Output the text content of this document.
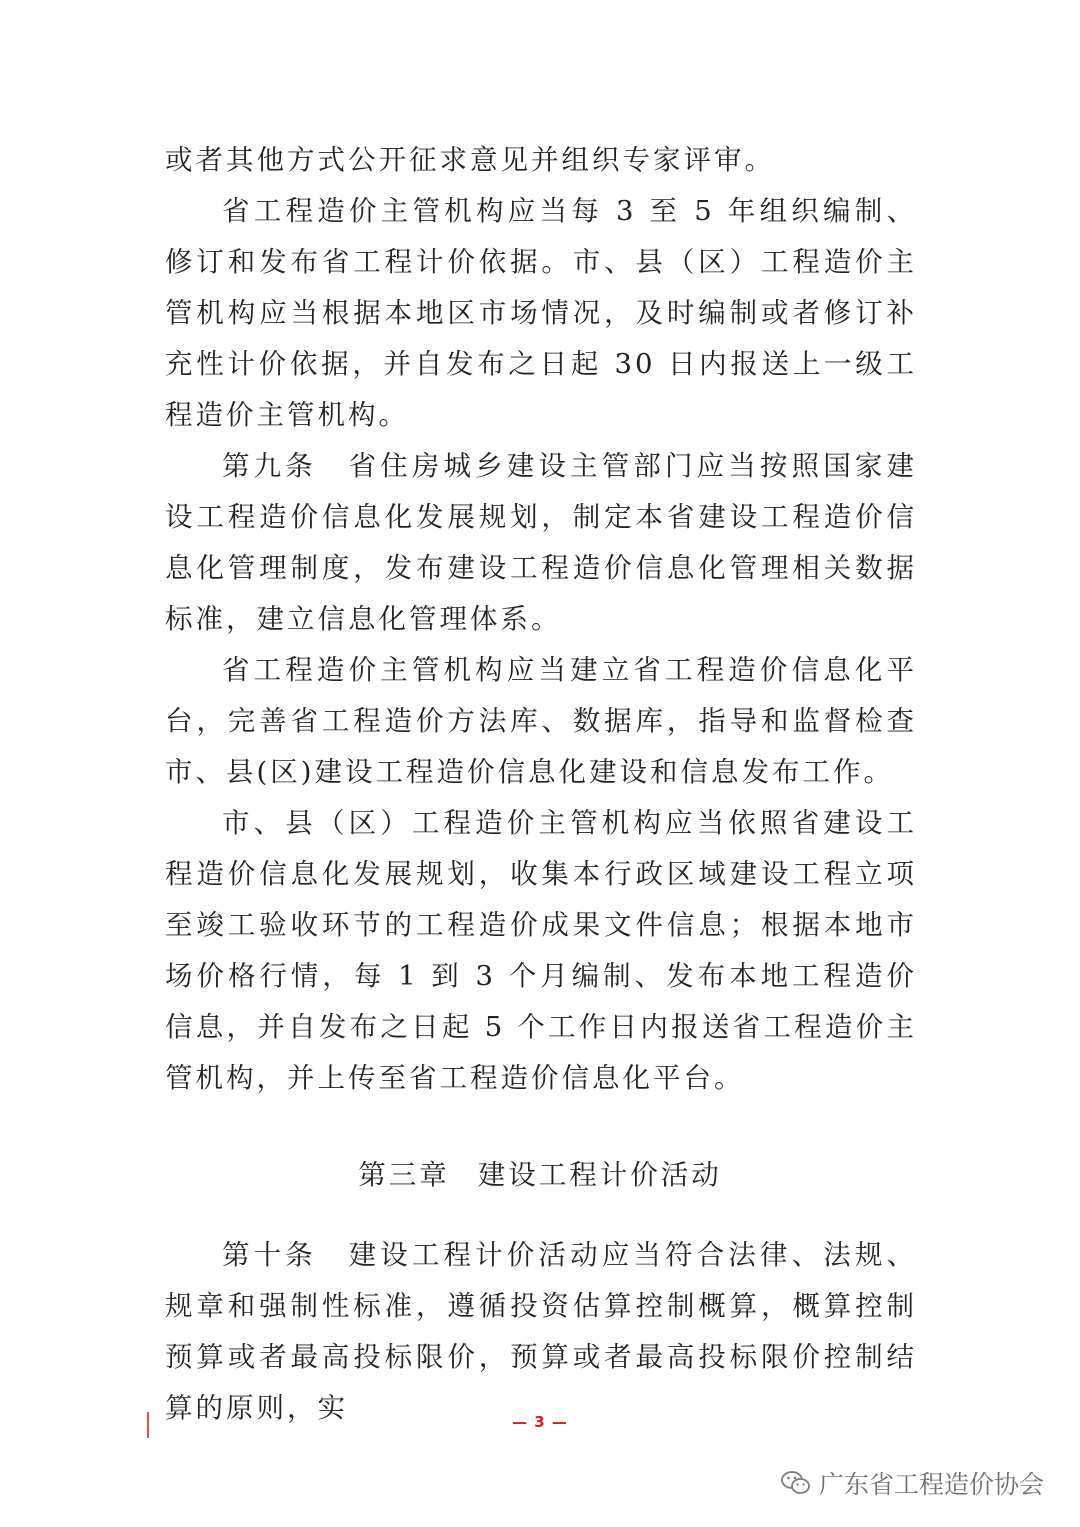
或者其他方式公开征求意见并组织专家评审。

省工程造价主管机构应当每 3 至 5 年组织编制、修订和发布省工程计价依据。市、县（区）工程造价主管机构应当根据本地区市场情况，及时编制或者修订补充性计价依据，并自发布之日起 30 日内报送上一级工程造价主管机构。

第九条　省住房城乡建设主管部门应当按照国家建设工程造价信息化发展规划，制定本省建设工程造价信息化管理制度，发布建设工程造价信息化管理相关数据标准，建立信息化管理体系。

省工程造价主管机构应当建立省工程造价信息化平台，完善省工程造价方法库、数据库，指导和监督检查市、县(区)建设工程造价信息化建设和信息发布工作。

市、县（区）工程造价主管机构应当依照省建设工程造价信息化发展规划，收集本行政区域建设工程立项至竣工验收环节的工程造价成果文件信息；根据本地市场价格行情，每 1 到 3 个月编制、发布本地工程造价信息，并自发布之日起 5 个工作日内报送省工程造价主管机构，并上传至省工程造价信息化平台。

第三章 建设工程计价活动

第十条　建设工程计价活动应当符合法律、法规、规章和强制性标准，遵循投资估算控制概算，概算控制预算或者最高投标限价，预算或者最高投标限价控制结算的原则，实	— 3 —
广东省工程造价协会
